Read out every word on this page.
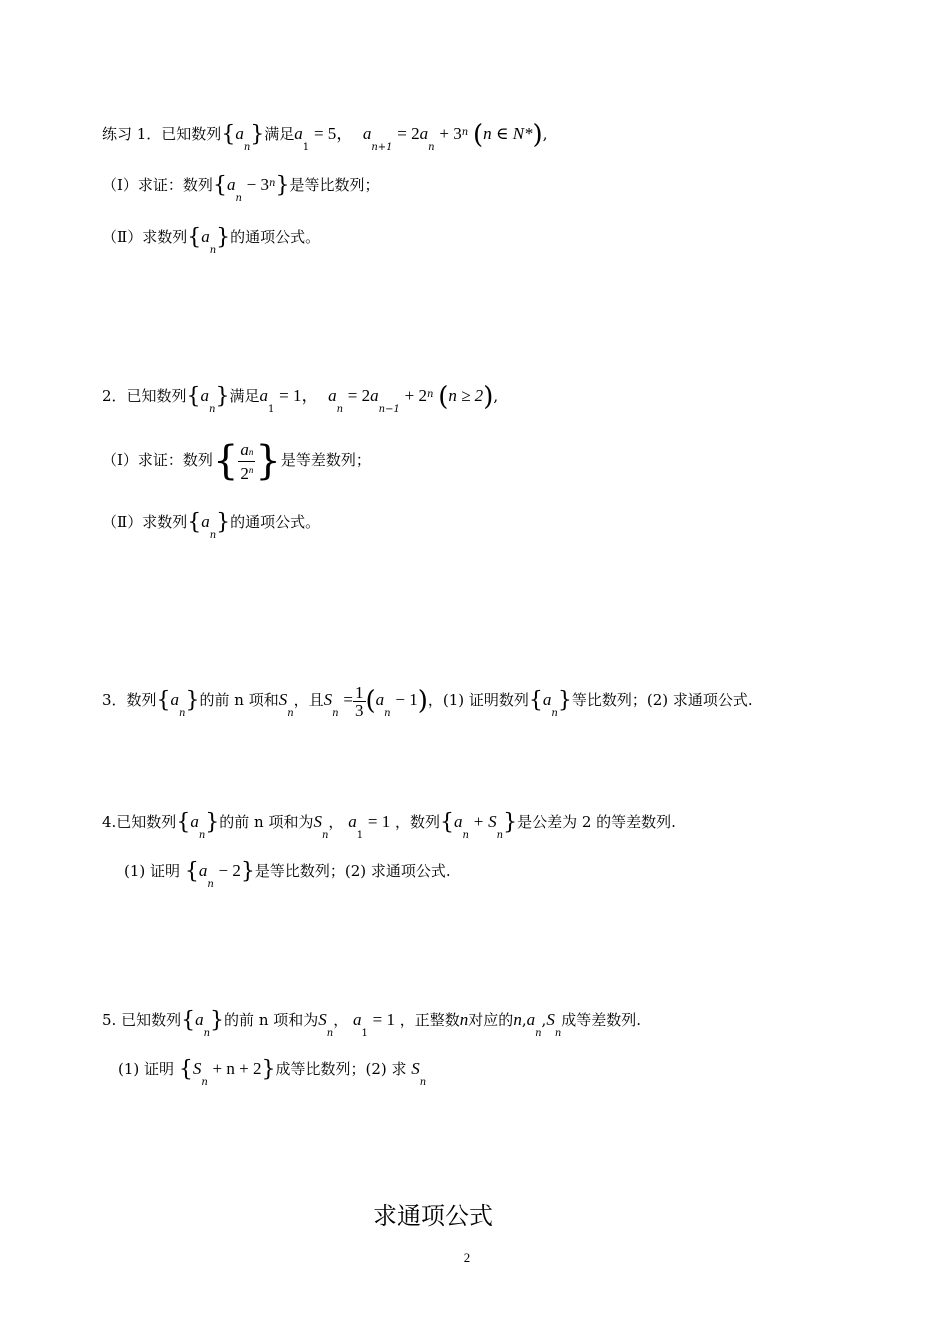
练习 1．已知数列$\{a_n\}$满足$a_1 = 5$， $a_{n+1} = 2a_n + 3^n$ (n ∈ N*),
（Ⅰ）求证：数列$\{a_n - 3^n\}$是等比数列；
（Ⅱ）求数列$\{a_n\}$的通项公式。
2．已知数列$\{a_n\}$满足$a_1 = 1$， $a_n = 2a_{n-1} + 2^n$ (n ≥ 2),
（Ⅰ）求证：数列{ $\frac{an}{2^n}$ }是等差数列；
（Ⅱ）求数列$\{a_n\}$的通项公式。
3．数列$\{a_n\}$的前 n 项和$S_n$，且$S_n = \frac{1}{3} (a_n - 1)$，(1) 证明数列$\{a_n\}$等比数列；(2) 求通项公式.
4.已知数列$\{a_n\}$的前 n 项和为$S_n$， $a_1 = 1$ ，数列$\{a_n + S_n\}$是公差为 2 的等差数列.
(1) 证明 $\{a_n - 2\}$是等比数列；(2) 求通项公式.
5. 已知数列$\{a_n\}$的前 n 项和为$S_n$， $a_1 = 1$ ，正整数n对应的$n,a_n,S_n$成等差数列.
(1) 证明 $\{S_n + n + 2\}$成等比数列；(2) 求 $S_n$
求通项公式
2
